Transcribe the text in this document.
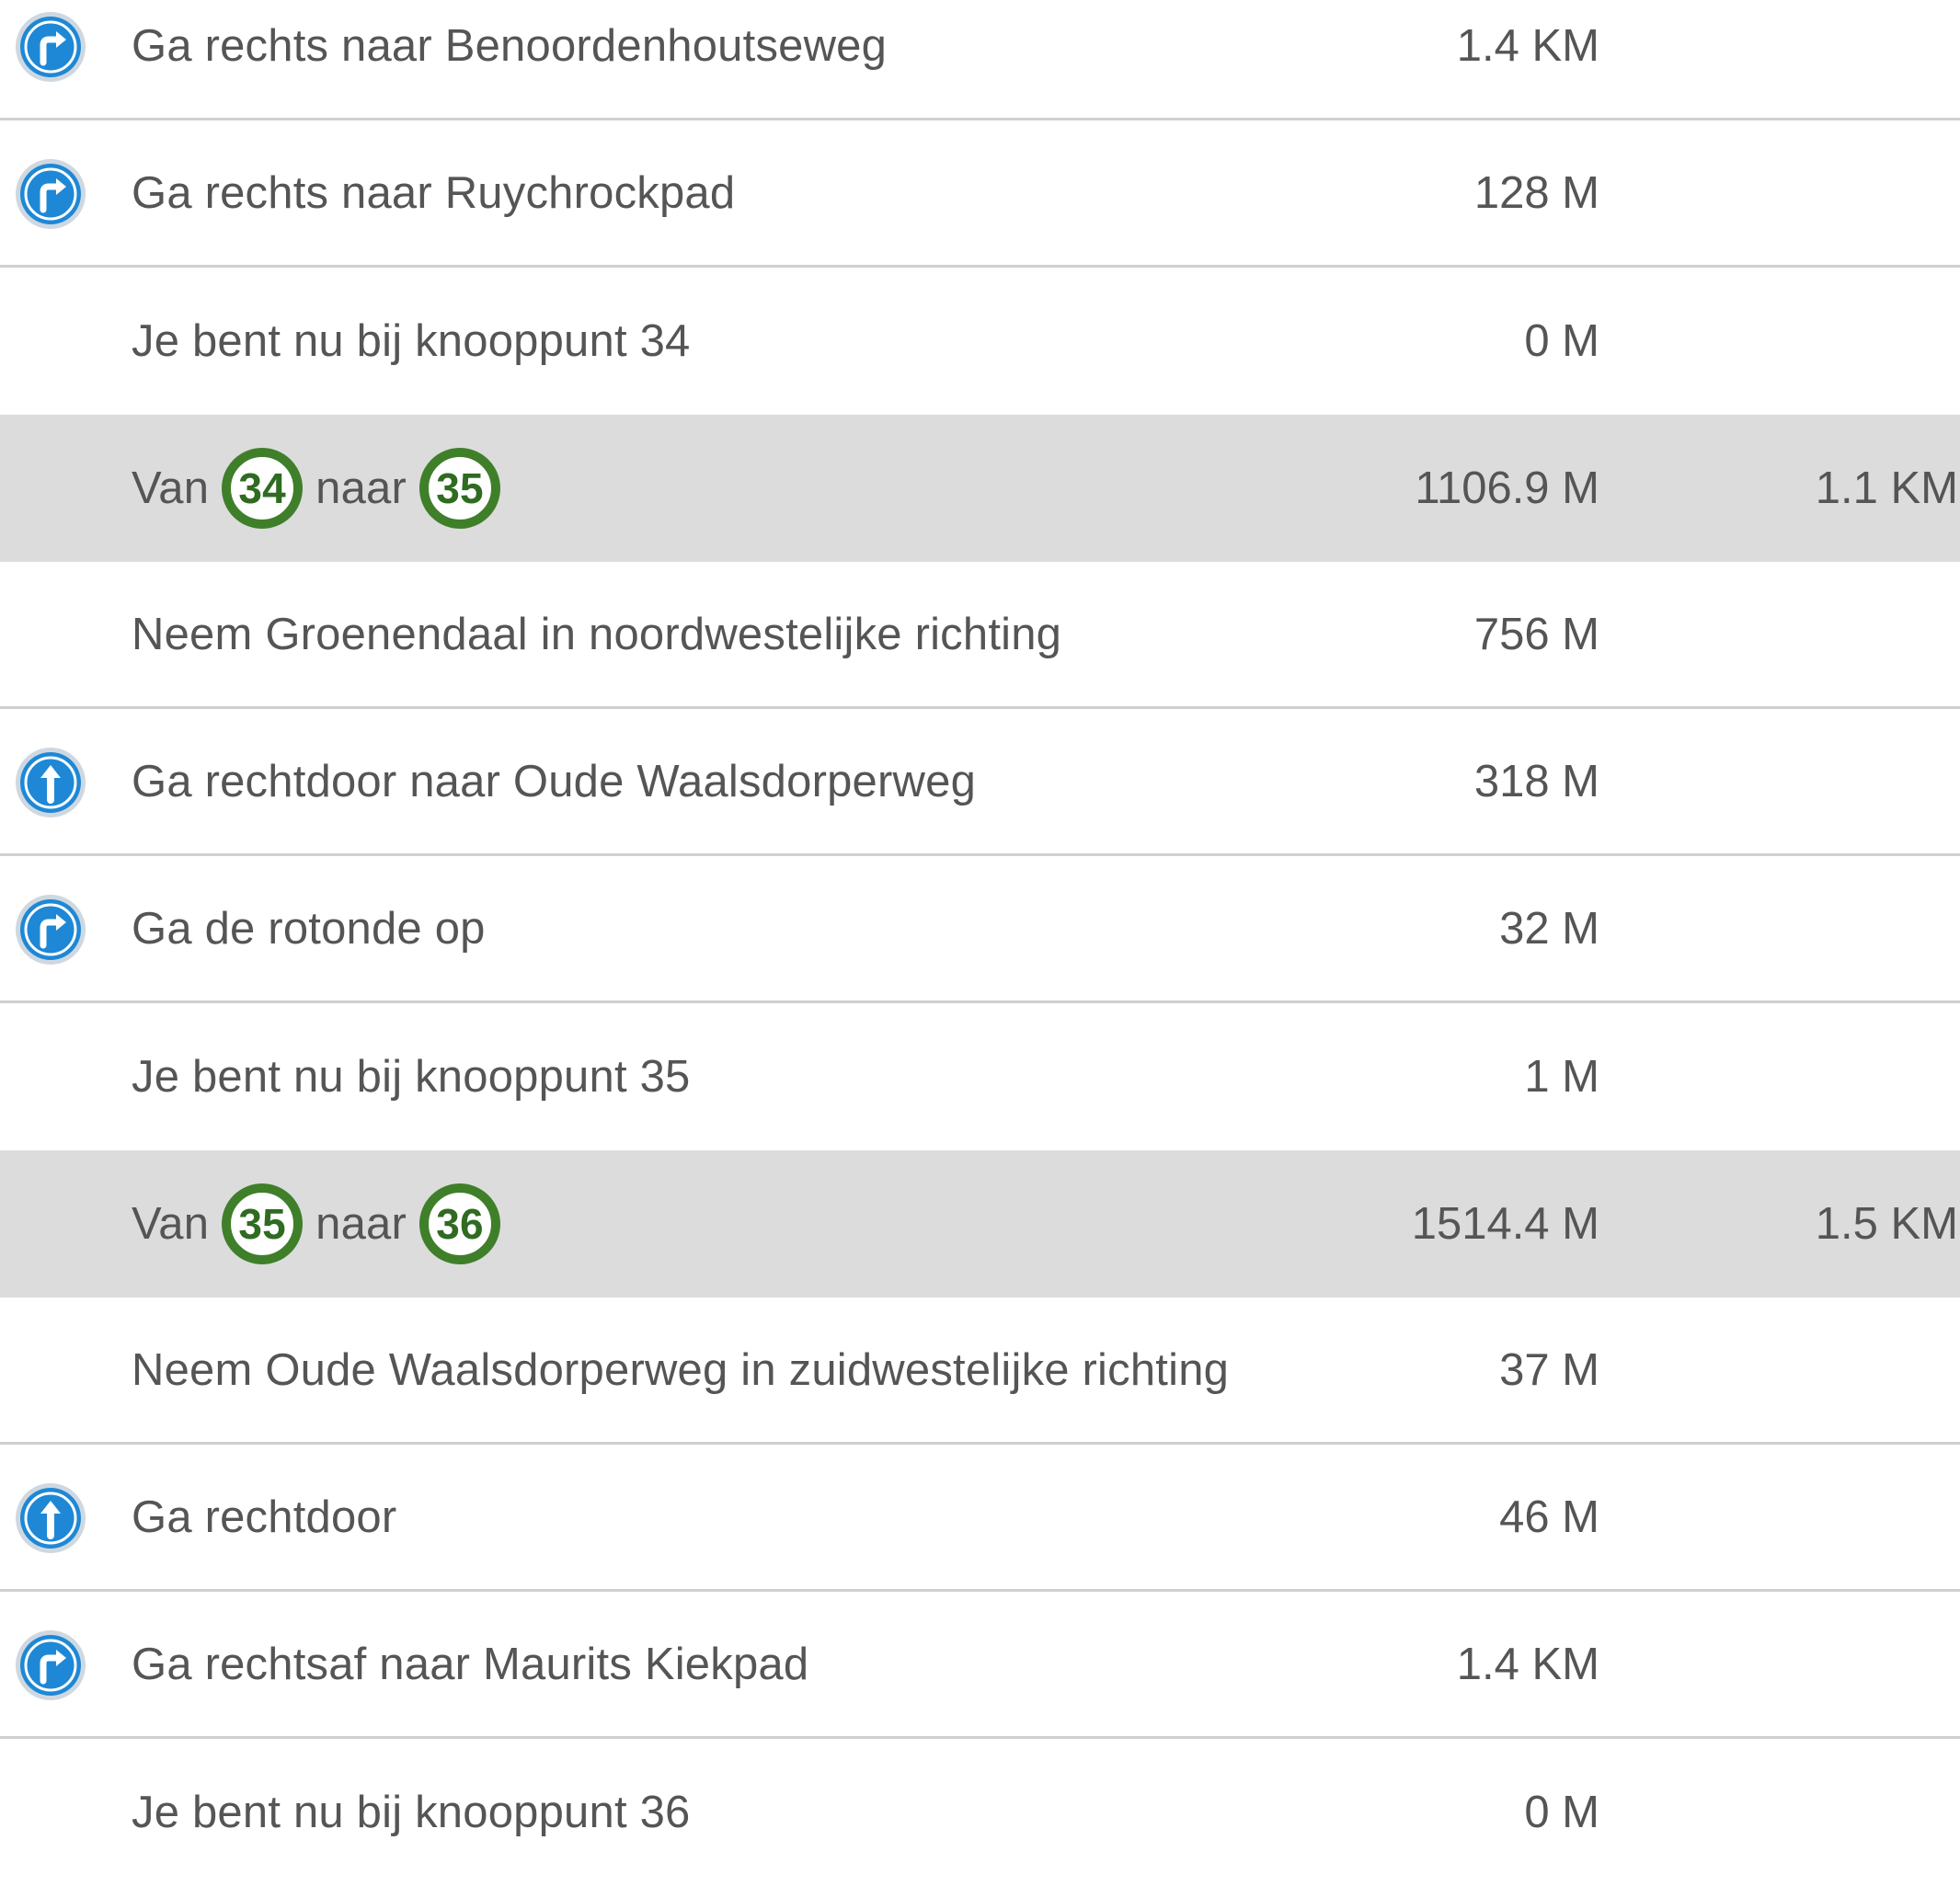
Ga rechts naar Benoordenhoutseweg	1.4 KM
Ga rechts naar Ruychrockpad	128 M
Je bent nu bij knooppunt 34	0 M
Van 34 naar 35	1106.9 M	1.1 KM
Neem Groenendaal in noordwestelijke richting	756 M
Ga rechtdoor naar Oude Waalsdorperweg	318 M
Ga de rotonde op	32 M
Je bent nu bij knooppunt 35	1 M
Van 35 naar 36	1514.4 M	1.5 KM
Neem Oude Waalsdorperweg in zuidwestelijke richting	37 M
Ga rechtdoor	46 M
Ga rechtsaf naar Maurits Kiekpad	1.4 KM
Je bent nu bij knooppunt 36	0 M
